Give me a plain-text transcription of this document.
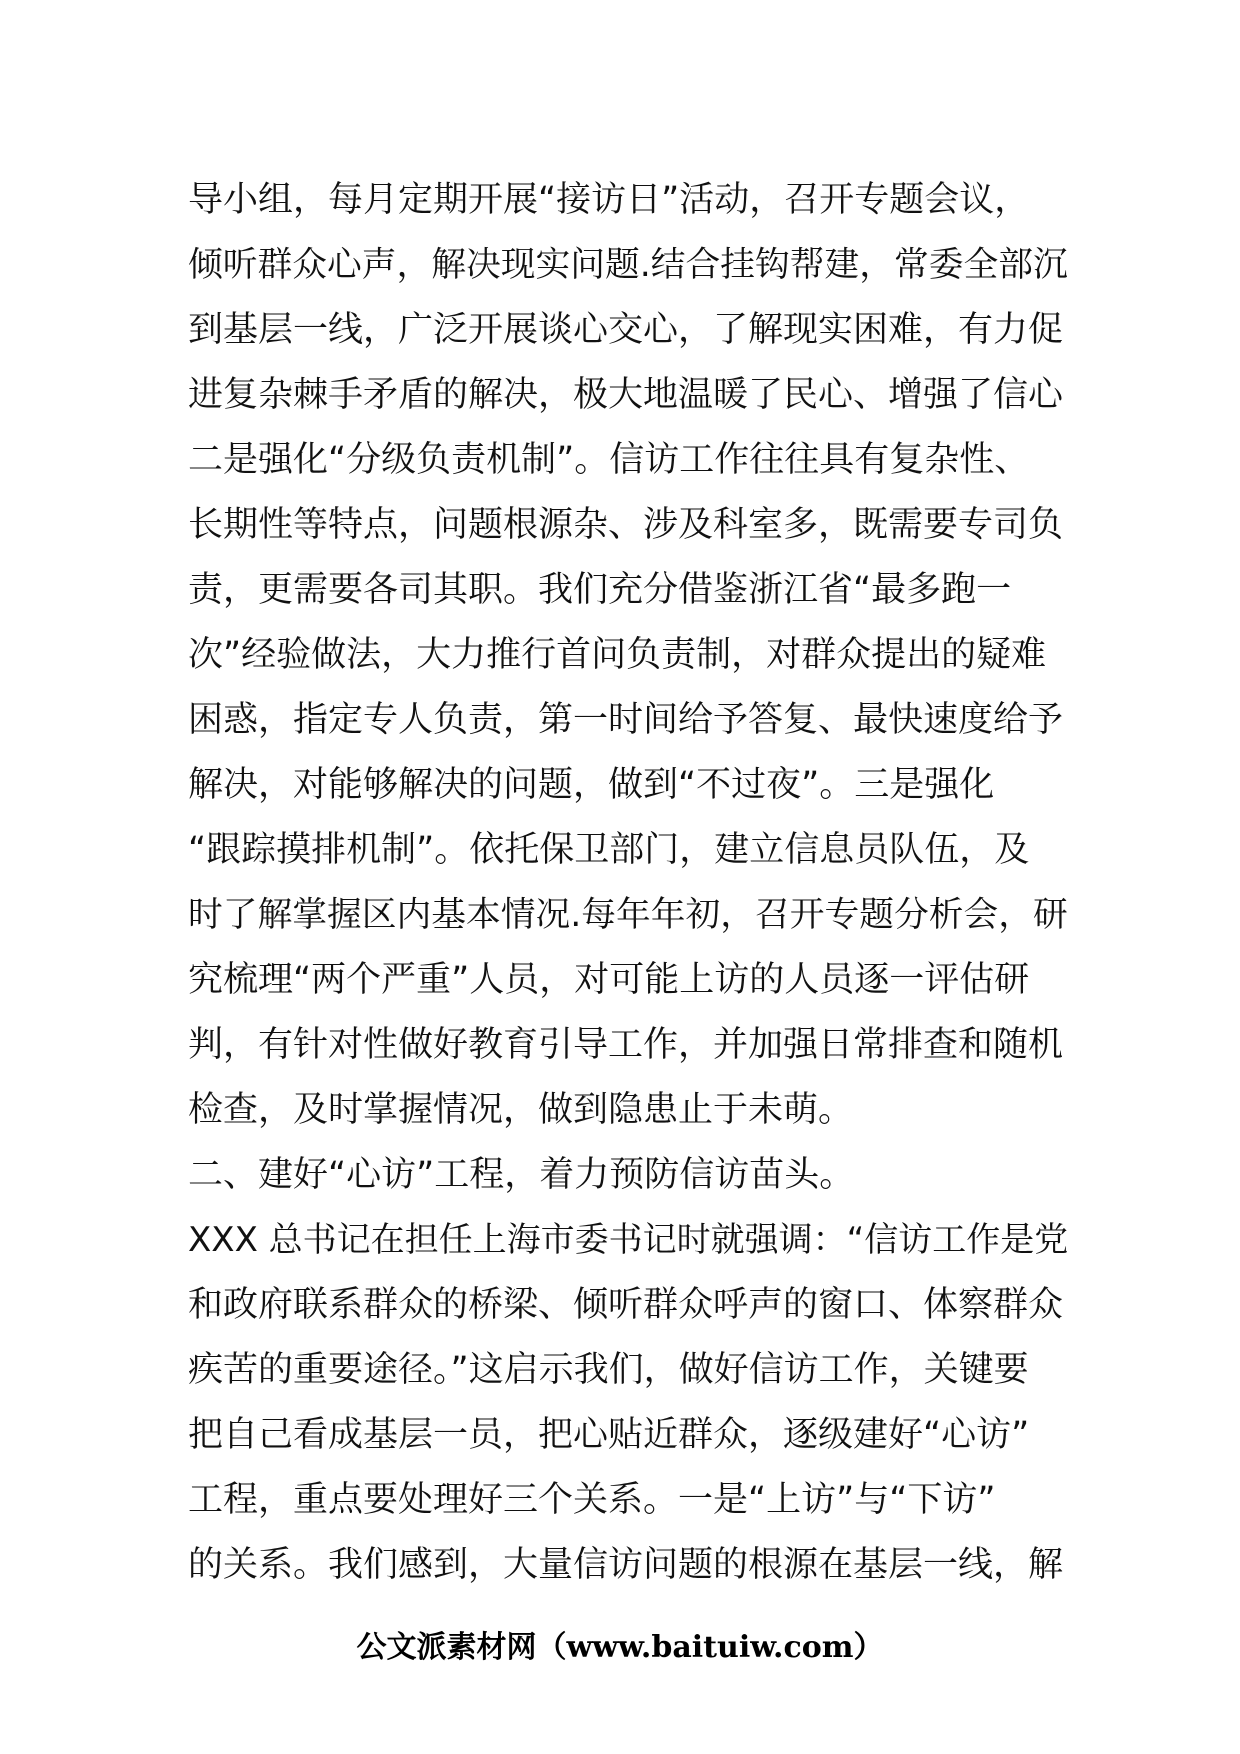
导小组，每月定期开展“接访日”活动，召开专题会议，
倾听群众心声，解决现实问题.结合挂钩帮建，常委全部沉
到基层一线，广泛开展谈心交心，了解现实困难，有力促
进复杂棘手矛盾的解决，极大地温暖了民心、增强了信心
二是强化“分级负责机制”。信访工作往往具有复杂性、
长期性等特点，问题根源杂、涉及科室多，既需要专司负
责，更需要各司其职。我们充分借鉴浙江省“最多跑一
次”经验做法，大力推行首问负责制，对群众提出的疑难
困惑，指定专人负责，第一时间给予答复、最快速度给予
解决，对能够解决的问题，做到“不过夜”。三是强化
“跟踪摸排机制”。依托保卫部门，建立信息员队伍，及
时了解掌握区内基本情况.每年年初，召开专题分析会，研
究梳理“两个严重”人员，对可能上访的人员逐一评估研
判，有针对性做好教育引导工作，并加强日常排查和随机
检查，及时掌握情况，做到隐患止于未萌。
二、建好“心访”工程，着力预防信访苗头。
XXX 总书记在担任上海市委书记时就强调：“信访工作是党
和政府联系群众的桥梁、倾听群众呼声的窗口、体察群众
疾苦的重要途径。”这启示我们，做好信访工作，关键要
把自己看成基层一员，把心贴近群众，逐级建好“心访”
工程，重点要处理好三个关系。一是“上访”与“下访”
的关系。我们感到，大量信访问题的根源在基层一线，解
公文派素材网（www.baituiw.com）
